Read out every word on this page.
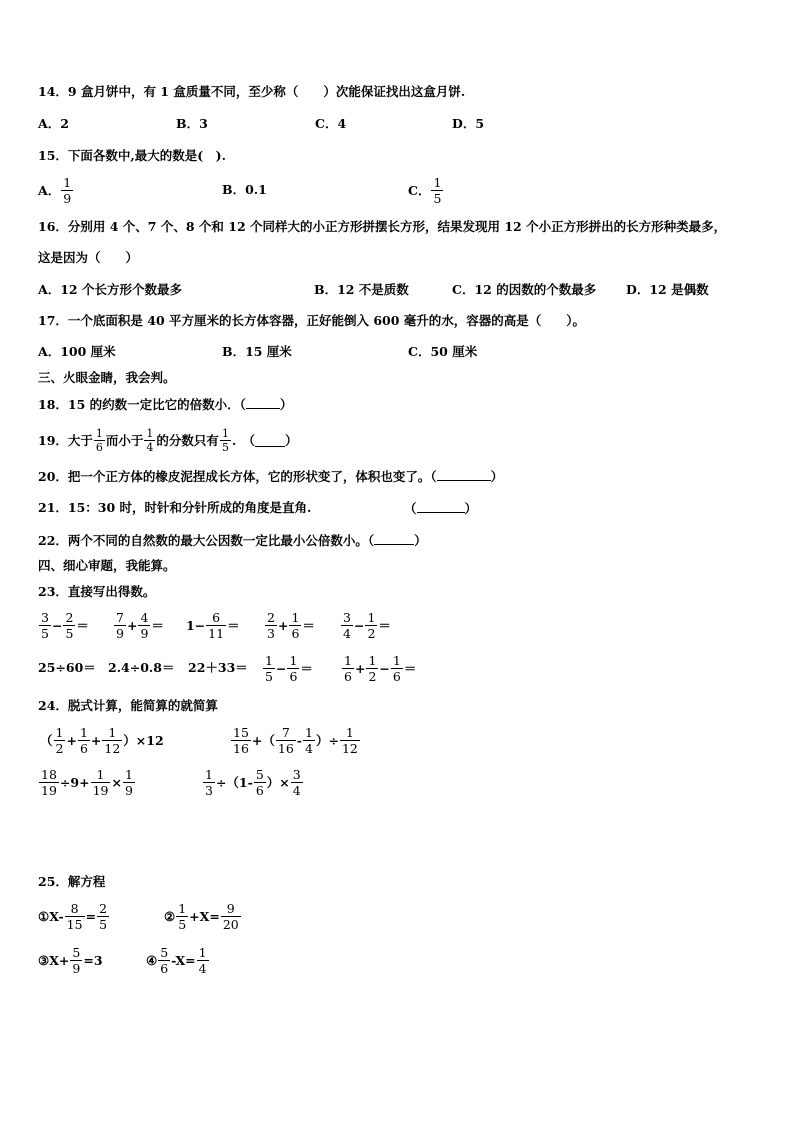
14．9 盒月饼中，有 1 盒质量不同，至少称（　　）次能保证找出这盒月饼.
A．2	B．3	C．4	D．5
15．下面各数中,最大的数是(　).
A． $\frac{1}{9}$	B．0.1	C． $\frac{1}{5}$
16．分别用 4 个、7 个、8 个和 12 个同样大的小正方形拼摆长方形，结果发现用 12 个小正方形拼出的长方形种类最多，
这是因为（　　）
A．12 个长方形个数最多	B．12 不是质数	C．12 的因数的个数最多 D．12 是偶数
17．一个底面积是 40 平方厘米的长方体容器，正好能倒入 600 毫升的水，容器的高是（　　）。
A．100 厘米	B．15 厘米	C．50 厘米
三、火眼金睛，我会判。
18．15 的约数一定比它的倍数小．（	）
19．大于 $\frac{1}{6}$ 而小于 $\frac{1}{4}$ 的分数只有 $\frac{1}{5}$ .　（ ）
20．把一个正方体的橡皮泥捏成长方体，它的形状变了，体积也变了。（	）
21．15：30 时，时针和分针所成的角度是直角.	（	）
22．两个不同的自然数的最大公因数一定比最小公倍数小。（	）
四、细心审题，我能算。
23．直接写出得数。
$\frac{3}{5} - \frac{2}{5} = \frac{7}{9} + \frac{4}{9} = 1- \frac{6}{11} = \frac{2}{3} + \frac{1}{6} = \frac{3}{4} - \frac{1}{2}$ ＝
$25\div 60= 2.4\div 0.8= 22+33= \frac{1}{5} - \frac{1}{6} = \frac{1}{6} + \frac{1}{2} - \frac{1}{6}$ ＝
24．脱式计算，能简算的就简算
（ $\frac{1}{2} + \frac{1}{6} + \frac{1}{12} )\times 12$	$\frac{15}{16}$ +（ $\frac{7}{16} - \frac{1}{4}$ ）÷ $\frac{1}{12}$
$\frac{18}{19} \div 9+ \frac{1}{19} \times \frac{1}{9}$	$\frac{1}{3} \div(1- \frac{5}{6}$ ）× $\frac{3}{4}$
25．解方程
① $X- \frac{8}{15} = \frac{2}{5}$	② $\frac{1}{5} +X= \frac{9}{20}$
③ $X+ \frac{5}{9} =3$	④ $\frac{5}{6} -X= \frac{1}{4}$
